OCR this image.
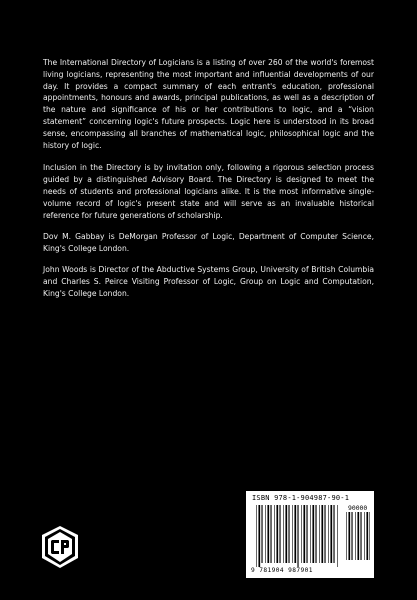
The International Directory of Logicians is a listing of over 260 of the world's foremost living logicians, representing the most important and influential developments of our day. It provides a compact summary of each entrant's education, professional appointments, honours and awards, principal publications, as well as a description of the nature and significance of his or her contributions to logic, and a “vision statement” concerning logic's future prospects. Logic here is understood in its broad sense, encompassing all branches of mathematical logic, philosophical logic and the history of logic.

Inclusion in the Directory is by invitation only, following a rigorous selection process guided by a distinguished Advisory Board. The Directory is designed to meet the needs of students and professional logicians alike. It is the most informative single-volume record of logic's present state and will serve as an invaluable historical reference for future generations of scholarship.

Dov M. Gabbay is DeMorgan Professor of Logic, Department of Computer Science, King's College London.

John Woods is Director of the Abductive Systems Group, University of British Columbia and Charles S. Peirce Visiting Professor of Logic, Group on Logic and Computation, King's College London.

ISBN 978-1-904987-90-1
90000
9 781904 987901
